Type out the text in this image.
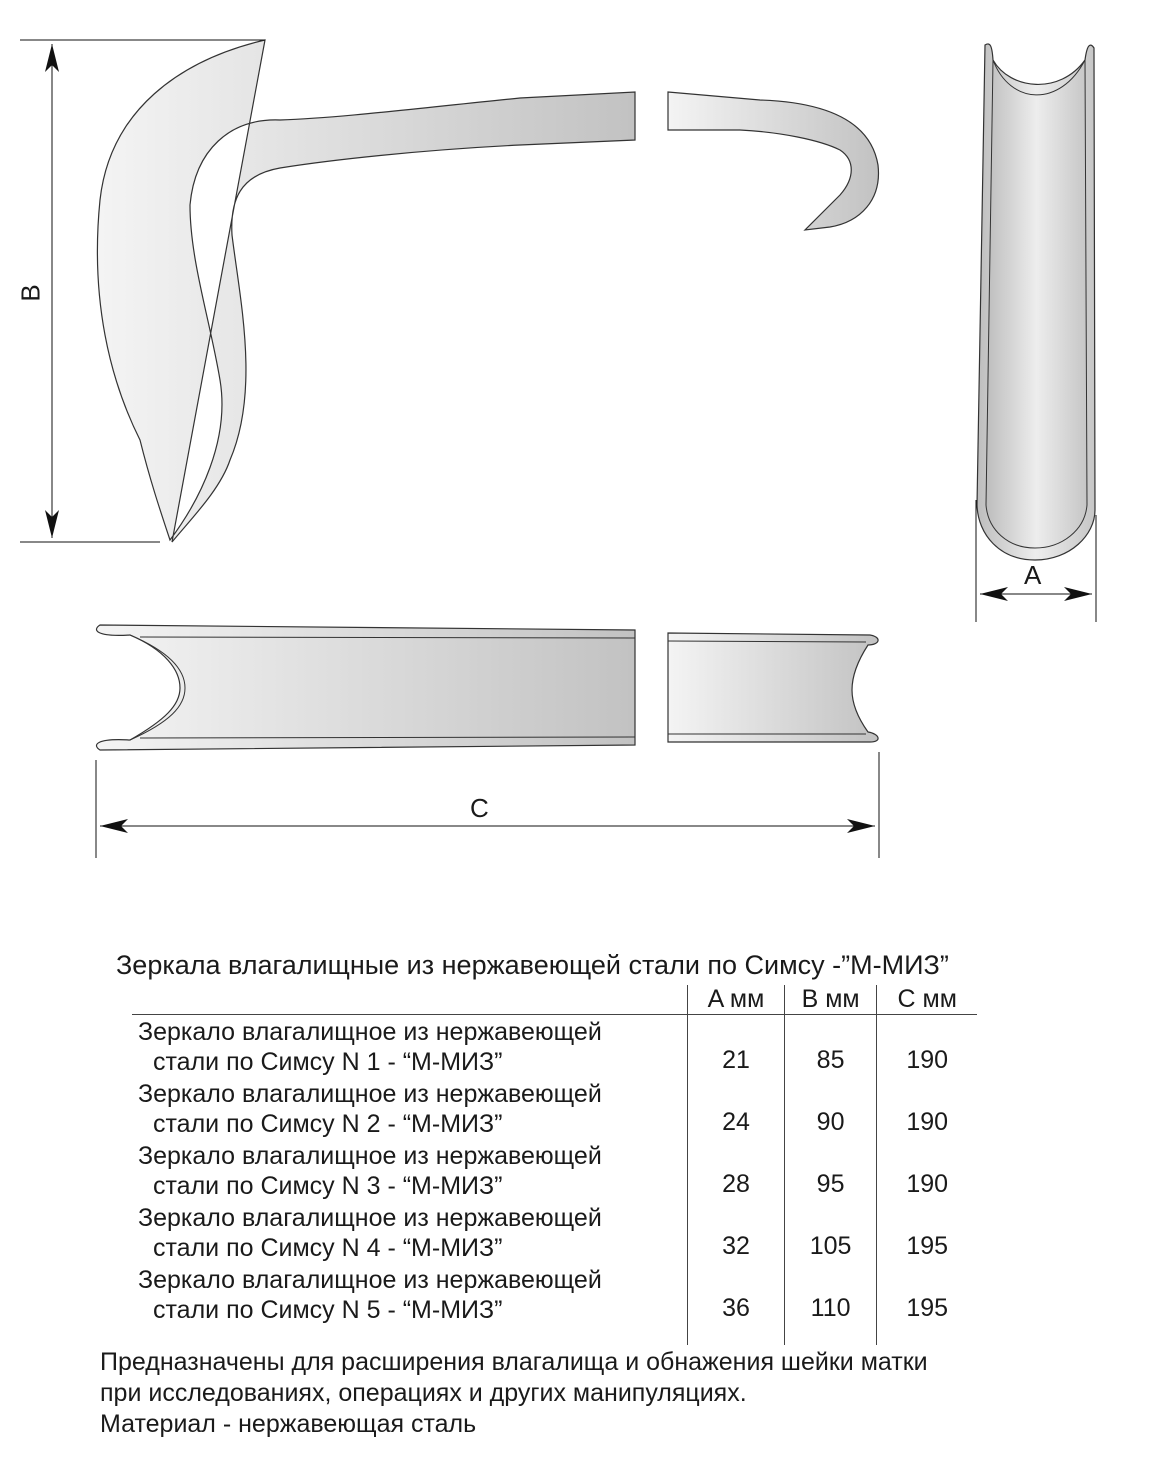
B
A
C
Зеркала влагалищные из нержавеющей стали по Симсу -”М-МИЗ”
	A мм	B мм	C мм

Зеркало влагалищное из нержавеющей
стали по Симсу N 1 - “М-МИЗ”	21	85	190

Зеркало влагалищное из нержавеющей
стали по Симсу N 2 - “М-МИЗ”	24	90	190

Зеркало влагалищное из нержавеющей
стали по Симсу N 3 - “М-МИЗ”	28	95	190

Зеркало влагалищное из нержавеющей
стали по Симсу N 4 - “М-МИЗ”	32	105	195

Зеркало влагалищное из нержавеющей
стали по Симсу N 5 - “М-МИЗ”	36	110	195

Предназначены для расширения влагалища и обнажения шейки матки
при исследованиях, операциях и других манипуляциях.
Материал - нержавеющая сталь
